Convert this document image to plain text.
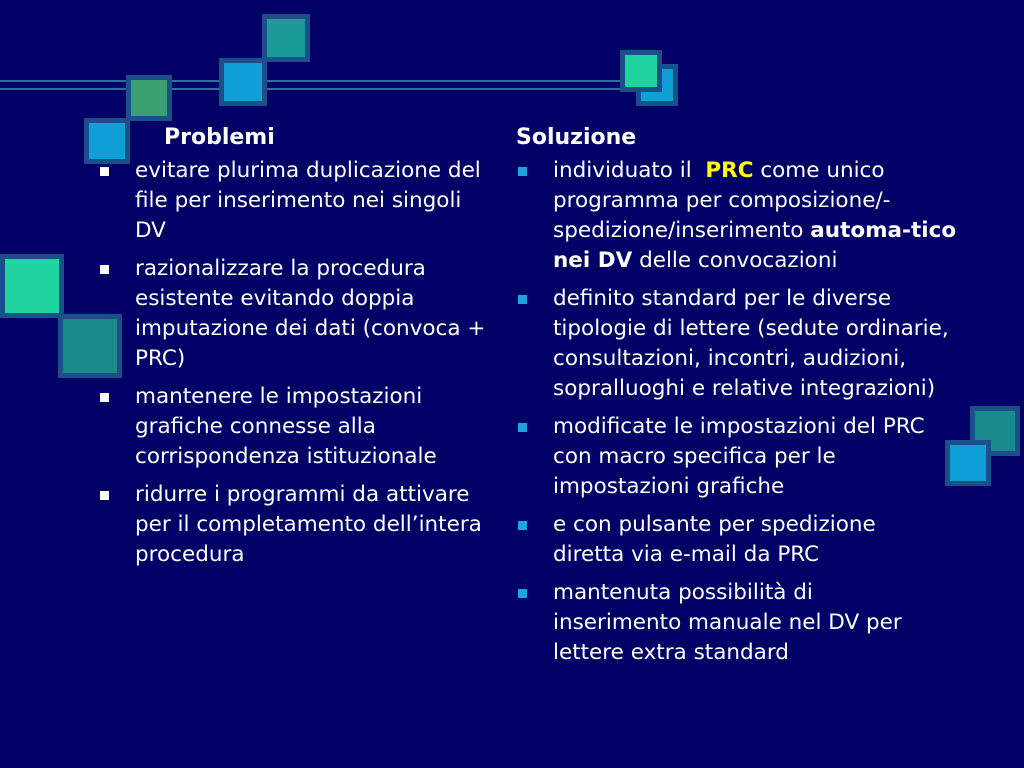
Problemi
evitare plurima duplicazione del file per inserimento nei singoli DV
razionalizzare la procedura esistente evitando doppia imputazione dei dati (convoca + PRC)
mantenere le impostazioni grafiche connesse alla corrispondenza istituzionale
ridurre i programmi da attivare per il completamento dell’intera procedura
Soluzione
individuato il  PRC come unico programma per composizione/-spedizione/inserimento automa-tico nei DV delle convocazioni
definito standard per le diverse tipologie di lettere (sedute ordinarie, consultazioni, incontri, audizioni, sopralluoghi e relative integrazioni)
modificate le impostazioni del PRC con macro specifica per le impostazioni grafiche
e con pulsante per spedizione diretta via e-mail da PRC
mantenuta possibilità di inserimento manuale nel DV per lettere extra standard
